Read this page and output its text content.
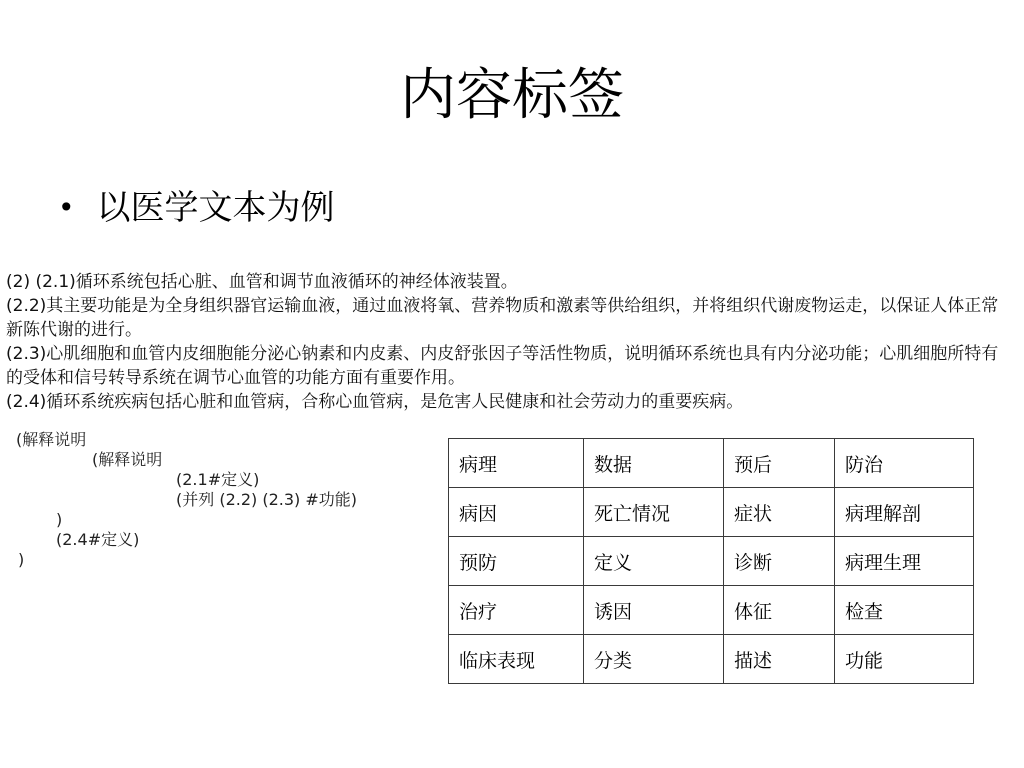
内容标签
• 以医学文本为例

(2) (2.1)循环系统包括心脏、血管和调节血液循环的神经体液装置。

(2.2)其主要功能是为全身组织器官运输血液，通过血液将氧、营养物质和激素等供给组织，并将组织代谢废物运走，以保证人体正常新陈代谢的进行。

(2.3)心肌细胞和血管内皮细胞能分泌心钠素和内皮素、内皮舒张因子等活性物质，说明循环系统也具有内分泌功能；心肌细胞所特有的受体和信号转导系统在调节心血管的功能方面有重要作用。

(2.4)循环系统疾病包括心脏和血管病，合称心血管病，是危害人民健康和社会劳动力的重要疾病。

(解释说明
(解释说明
(2.1#定义)
(并列 (2.2) (2.3) #功能)
)
(2.4#定义)
)
病理	数据	预后	防治
病因	死亡情况	症状	病理解剖
预防	定义	诊断	病理生理
治疗	诱因	体征	检查
临床表现	分类	描述	功能
